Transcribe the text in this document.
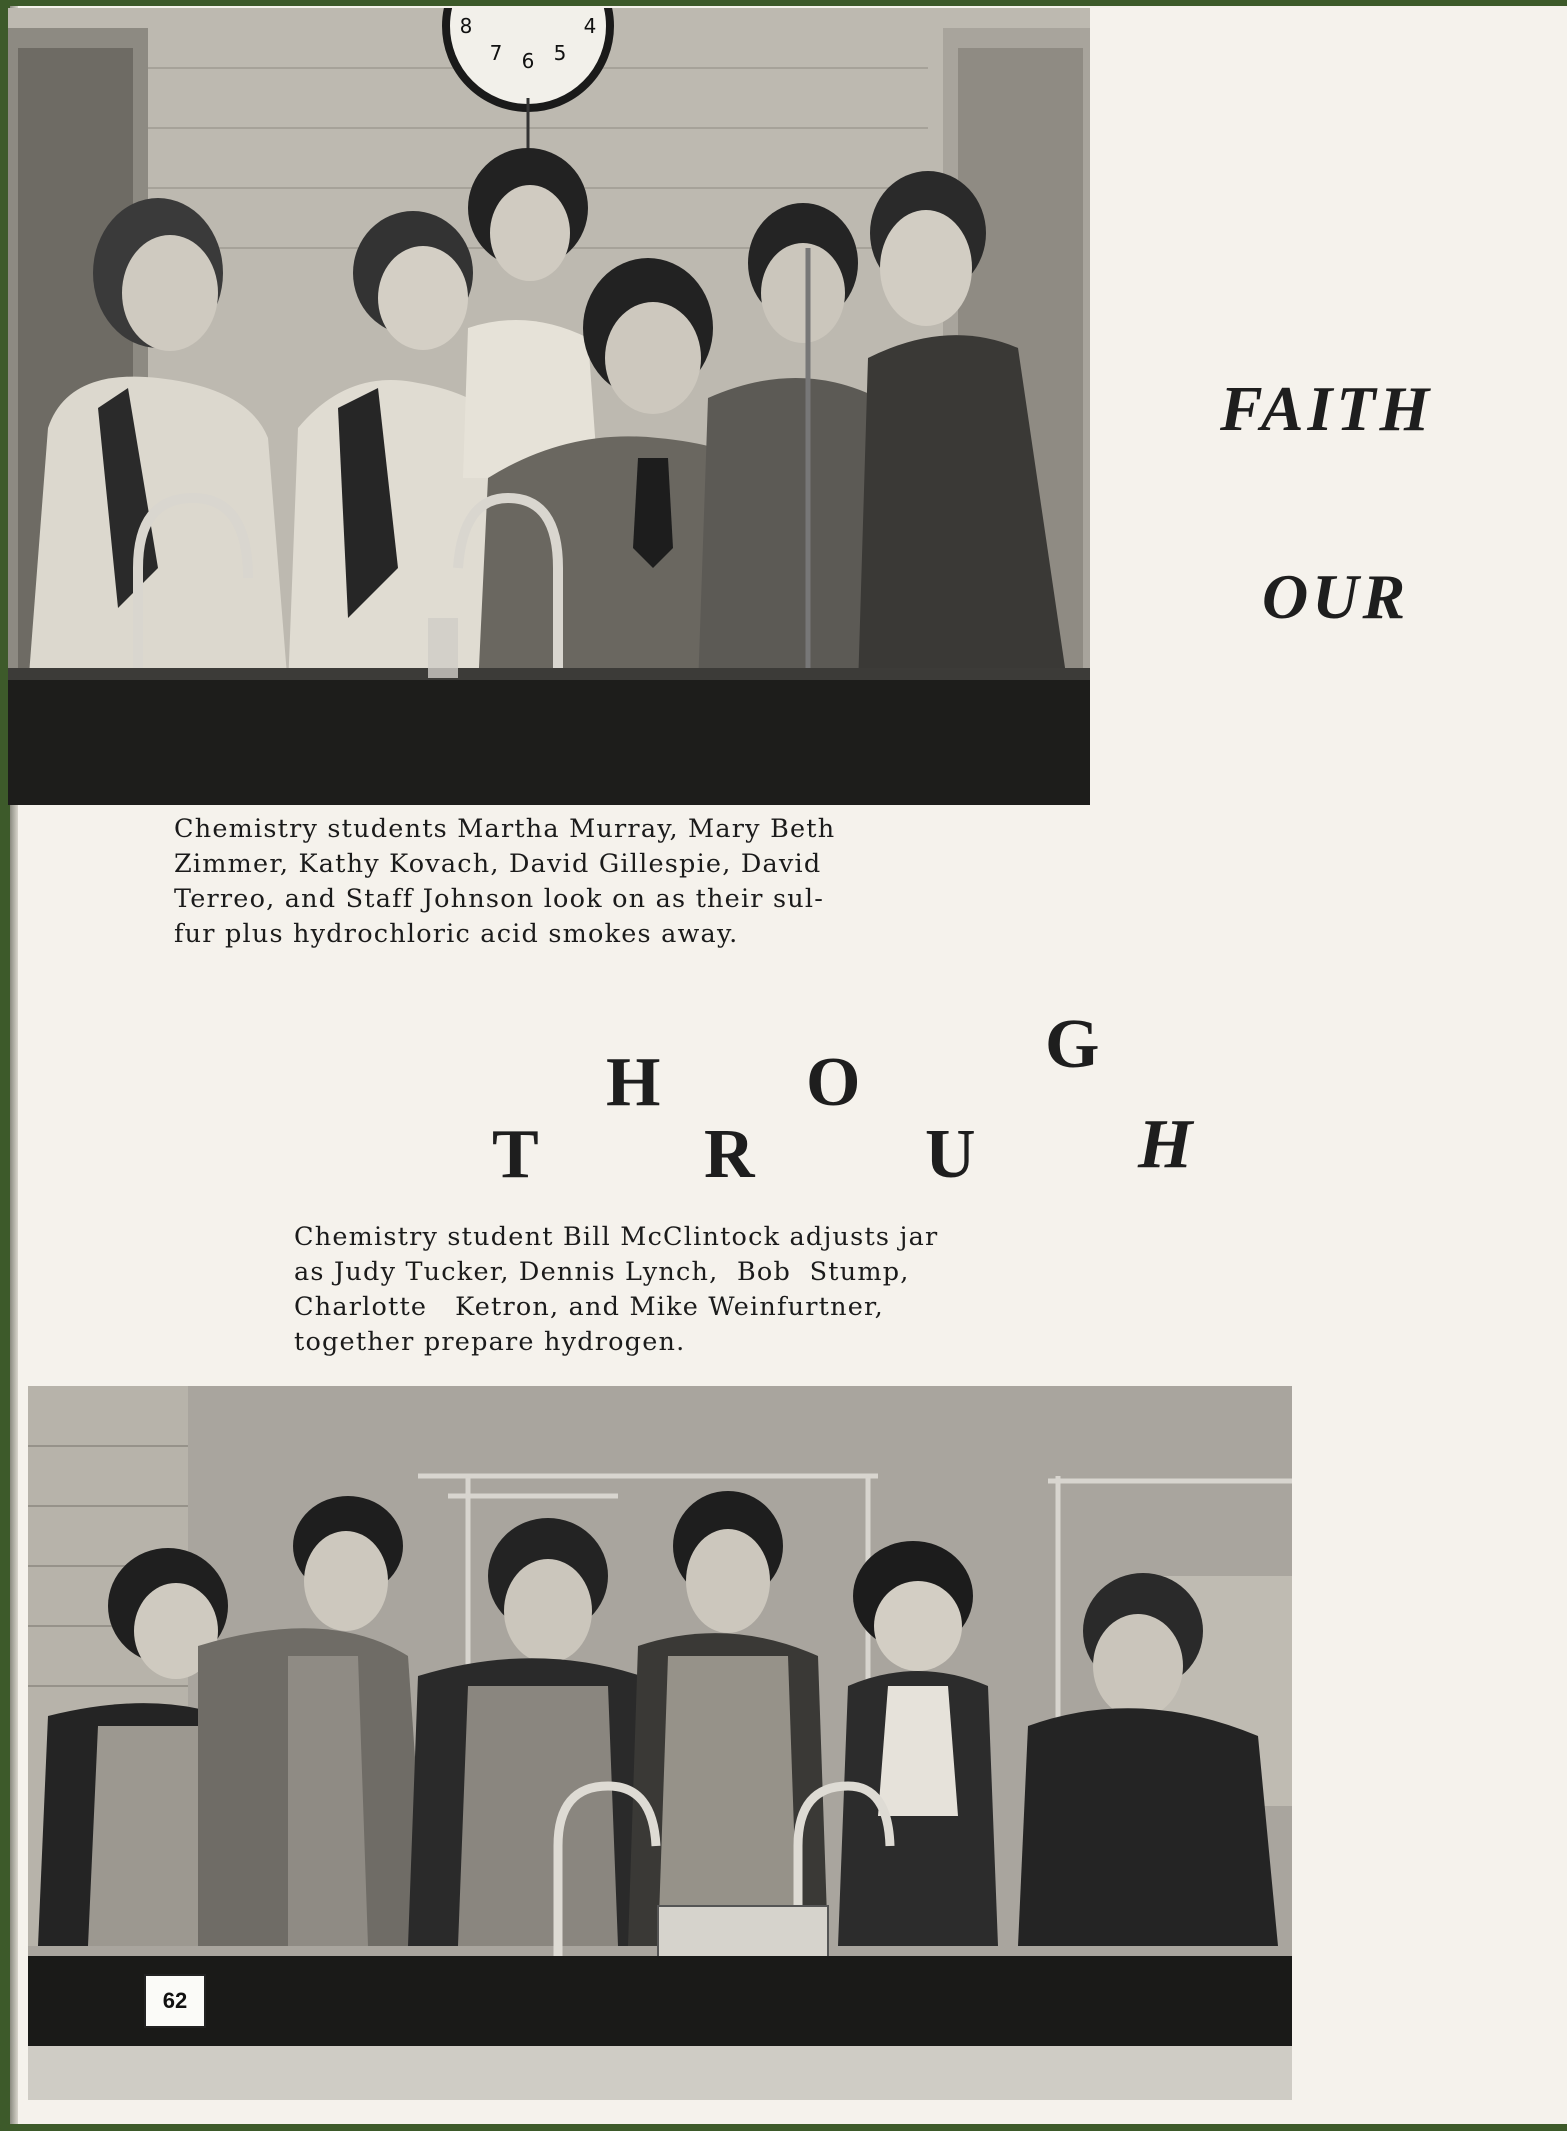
8
7 6 5
4
FAITH
OUR
Chemistry students Martha Murray, Mary Beth
Zimmer, Kathy Kovach, David Gillespie, David
Terreo, and Staff Johnson look on as their sul-
fur plus hydrochloric acid smokes away.
H O	G
T R U H
Chemistry student Bill McClintock adjusts jar
as Judy Tucker, Dennis Lynch,  Bob  Stump,
Charlotte   Ketron, and Mike Weinfurtner,
together prepare hydrogen.
62
